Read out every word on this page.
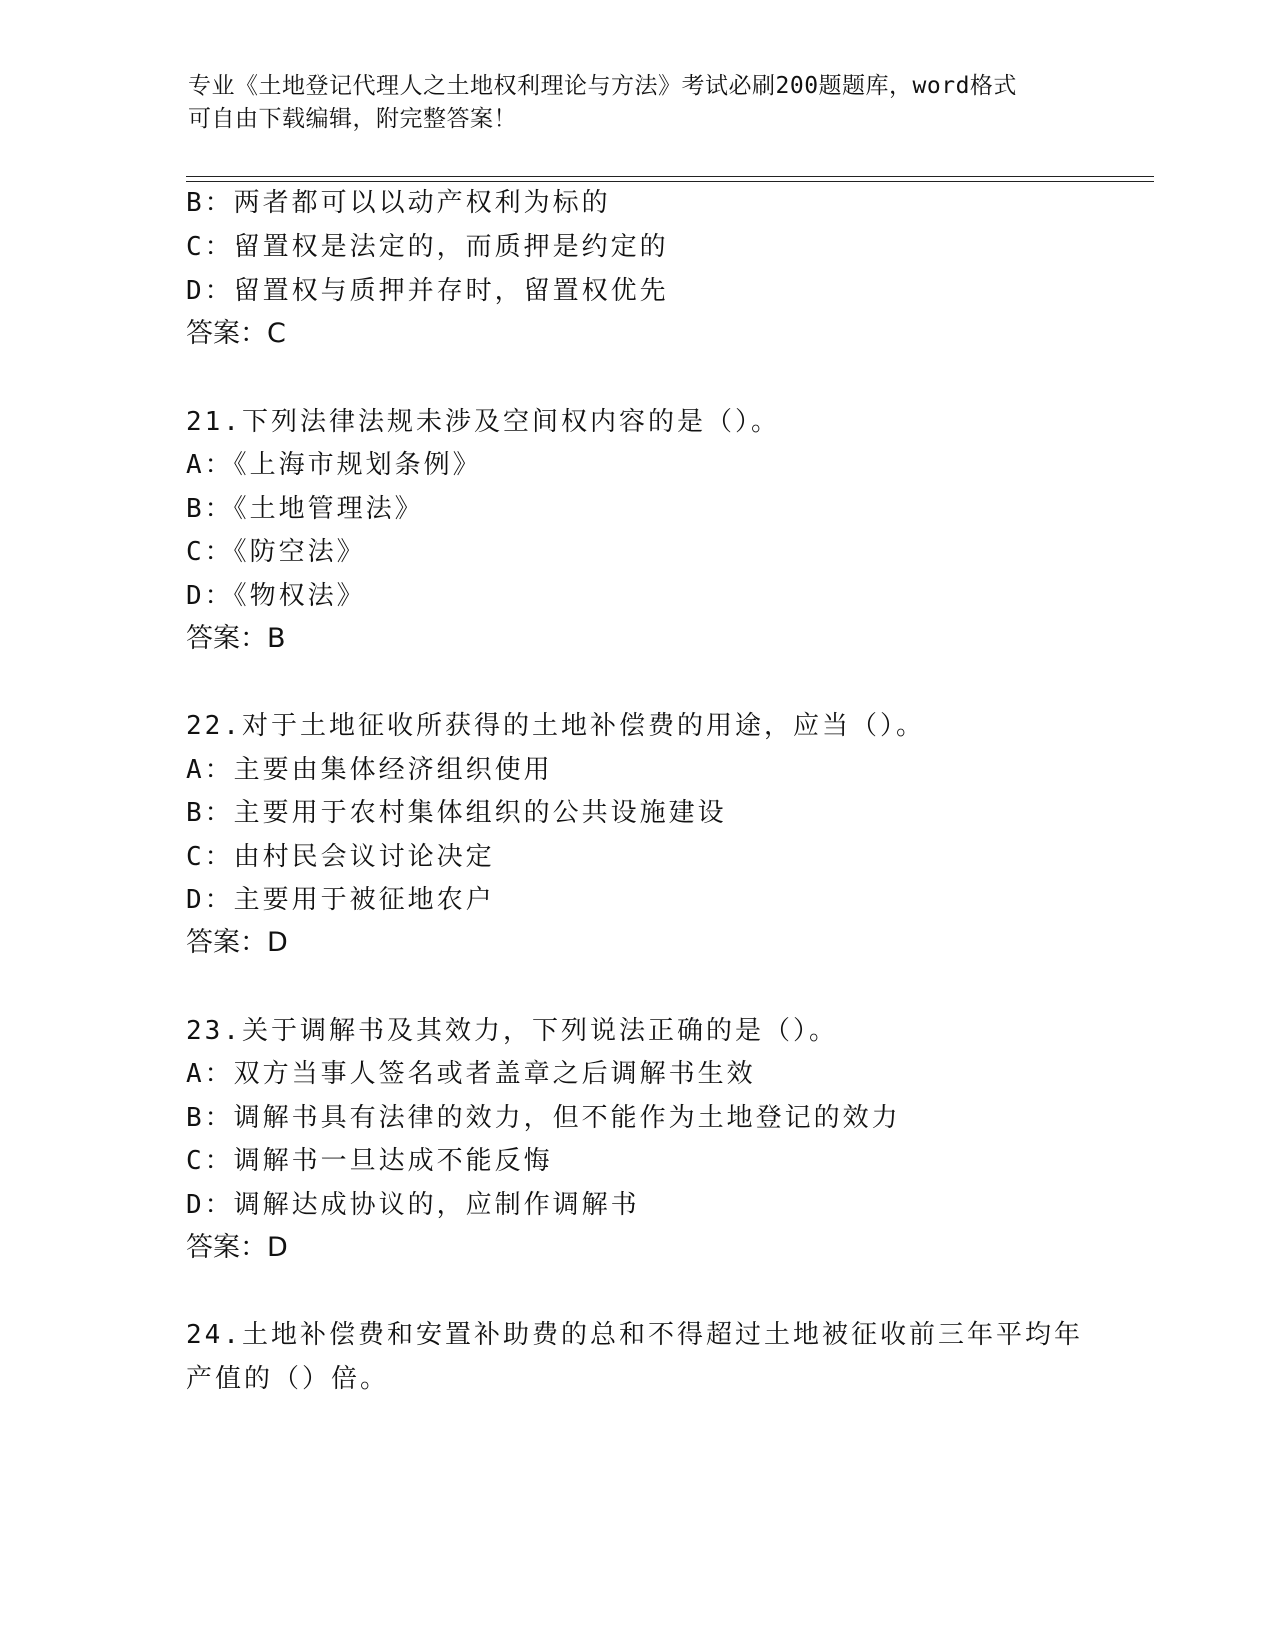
专业《土地登记代理人之土地权利理论与方法》考试必刷200题题库，word格式
可自由下载编辑，附完整答案！
B：两者都可以以动产权利为标的
C：留置权是法定的，而质押是约定的
D：留置权与质押并存时，留置权优先
答案：C
21.下列法律法规未涉及空间权内容的是（）。
A：《上海市规划条例》
B：《土地管理法》
C：《防空法》
D：《物权法》
答案：B
22.对于土地征收所获得的土地补偿费的用途，应当（）。
A：主要由集体经济组织使用
B：主要用于农村集体组织的公共设施建设
C：由村民会议讨论决定
D：主要用于被征地农户
答案：D
23.关于调解书及其效力，下列说法正确的是（）。
A：双方当事人签名或者盖章之后调解书生效
B：调解书具有法律的效力，但不能作为土地登记的效力
C：调解书一旦达成不能反悔
D：调解达成协议的，应制作调解书
答案：D
24.土地补偿费和安置补助费的总和不得超过土地被征收前三年平均年
产值的（）倍。
